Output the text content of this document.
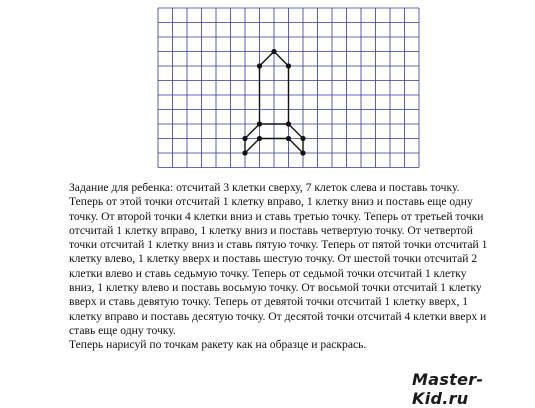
Задание для ребенка: отсчитай 3 клетки сверху, 7 клеток слева и поставь точку. Теперь от этой точки отсчитай 1 клетку вправо, 1 клетку вниз и поставь еще одну точку. От второй точки 4 клетки вниз и ставь третью точку. Теперь от третьей точки отсчитай 1 клетку вправо, 1 клетку вниз и поставь четвертую точку. От четвертой точки отсчитай 1 клетку вниз и ставь пятую точку. Теперь от пятой точки отсчитай 1 клетку влево, 1 клетку вверх и поставь шестую точку. От шестой точки отсчитай 2 клетки влево и ставь седьмую точку. Теперь от седьмой точки отсчитай 1 клетку вниз, 1 клетку влево и поставь восьмую точку. От восьмой точки отсчитай 1 клетку вверх и ставь девятую точку. Теперь от девятой точки отсчитай 1 клетку вверх, 1 клетку вправо и поставь десятую точку. От десятой точки отсчитай 4 клетки вверх и ставь еще одну точку.
Теперь нарисуй по точкам ракету как на образце и раскрась.

Master-Kid.ru
